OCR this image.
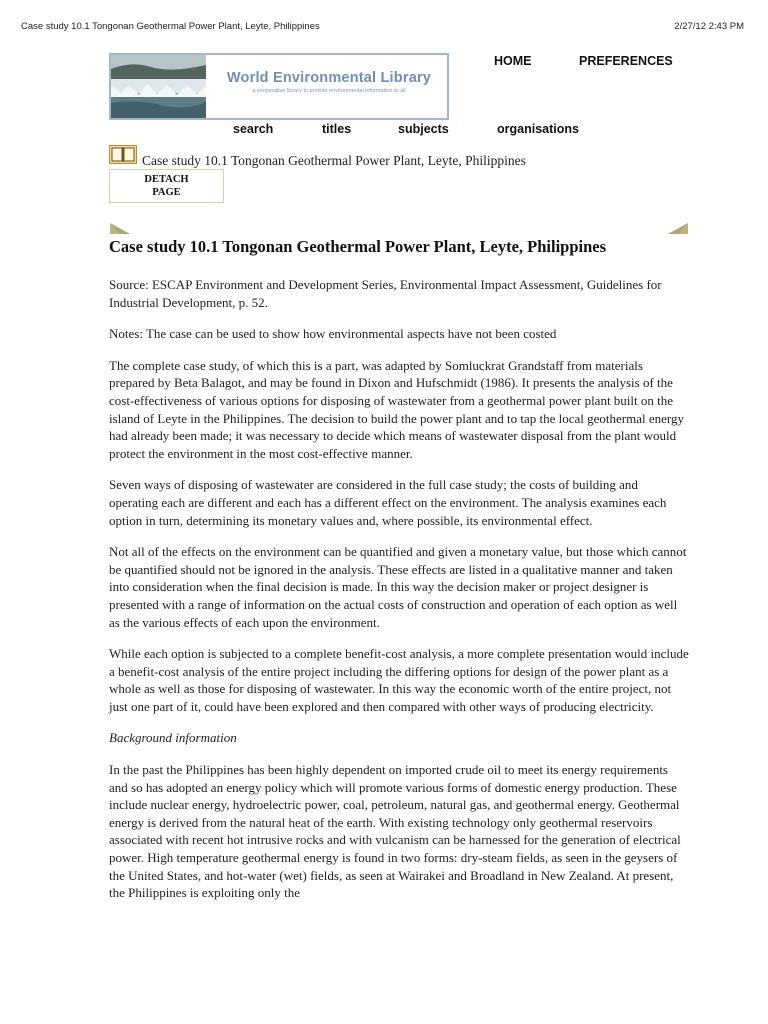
Case study 10.1 Tongonan Geothermal Power Plant, Leyte, Philippines	2/27/12 2:43 PM
World Environmental Library
a cooperative library to provide environmental information to all
HOME	PREFERENCES
search	titles	subjects	organisations
Case study 10.1 Tongonan Geothermal Power Plant, Leyte, Philippines
DETACH
PAGE
Case study 10.1 Tongonan Geothermal Power Plant, Leyte, Philippines

Source: ESCAP Environment and Development Series, Environmental Impact Assessment, Guidelines for Industrial Development, p. 52.

Notes: The case can be used to show how environmental aspects have not been costed

The complete case study, of which this is a part, was adapted by Somluckrat Grandstaff from materials prepared by Beta Balagot, and may be found in Dixon and Hufschmidt (1986). It presents the analysis of the cost-effectiveness of various options for disposing of wastewater from a geothermal power plant built on the island of Leyte in the Philippines. The decision to build the power plant and to tap the local geothermal energy had already been made; it was necessary to decide which means of wastewater disposal from the plant would protect the environment in the most cost-effective manner.

Seven ways of disposing of wastewater are considered in the full case study; the costs of building and operating each are different and each has a different effect on the environment. The analysis examines each option in turn, determining its monetary values and, where possible, its environmental effect.

Not all of the effects on the environment can be quantified and given a monetary value, but those which cannot be quantified should not be ignored in the analysis. These effects are listed in a qualitative manner and taken into consideration when the final decision is made. In this way the decision maker or project designer is presented with a range of information on the actual costs of construction and operation of each option as well as the various effects of each upon the environment.

While each option is subjected to a complete benefit-cost analysis, a more complete presentation would include a benefit-cost analysis of the entire project including the differing options for design of the power plant as a whole as well as those for disposing of wastewater. In this way the economic worth of the entire project, not just one part of it, could have been explored and then compared with other ways of producing electricity.

Background information

In the past the Philippines has been highly dependent on imported crude oil to meet its energy requirements and so has adopted an energy policy which will promote various forms of domestic energy production. These include nuclear energy, hydroelectric power, coal, petroleum, natural gas, and geothermal energy. Geothermal energy is derived from the natural heat of the earth. With existing technology only geothermal reservoirs associated with recent hot intrusive rocks and with vulcanism can be harnessed for the generation of electrical power. High temperature geothermal energy is found in two forms: dry-steam fields, as seen in the geysers of the United States, and hot-water (wet) fields, as seen at Wairakei and Broadland in New Zealand. At present, the Philippines is exploiting only the
